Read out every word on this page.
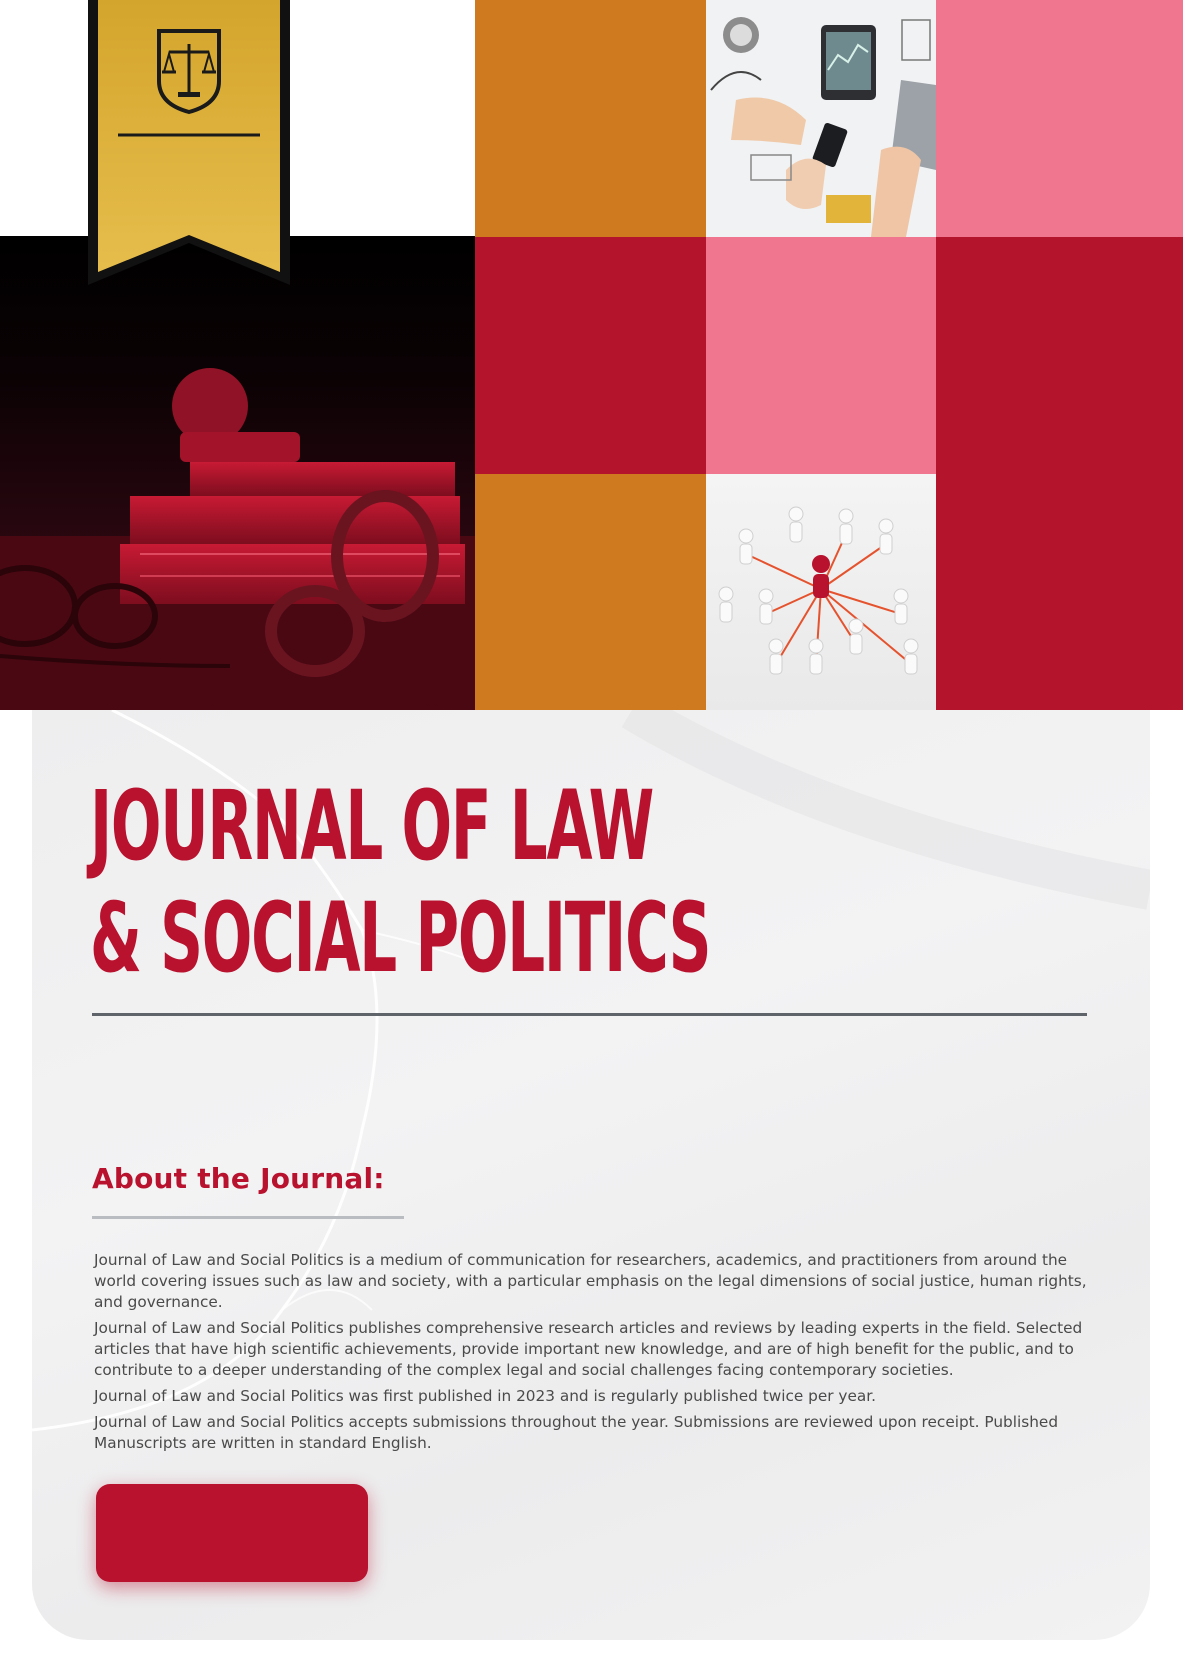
JOURNAL OF LAW
& SOCIAL POLITICS
About the Journal:

Journal of Law and Social Politics is a medium of communication for researchers, academics, and practitioners from around the world covering issues such as law and society, with a particular emphasis on the legal dimensions of social justice, human rights, and governance.

Journal of Law and Social Politics publishes comprehensive research articles and reviews by leading experts in the field. Selected articles that have high scientific achievements, provide important new knowledge, and are of high benefit for the public, and to contribute to a deeper understanding of the complex legal and social challenges facing contemporary societies.

Journal of Law and Social Politics was first published in 2023 and is regularly published twice per year.

Journal of Law and Social Politics accepts submissions throughout the year. Submissions are reviewed upon receipt. Published Manuscripts are written in standard English.
